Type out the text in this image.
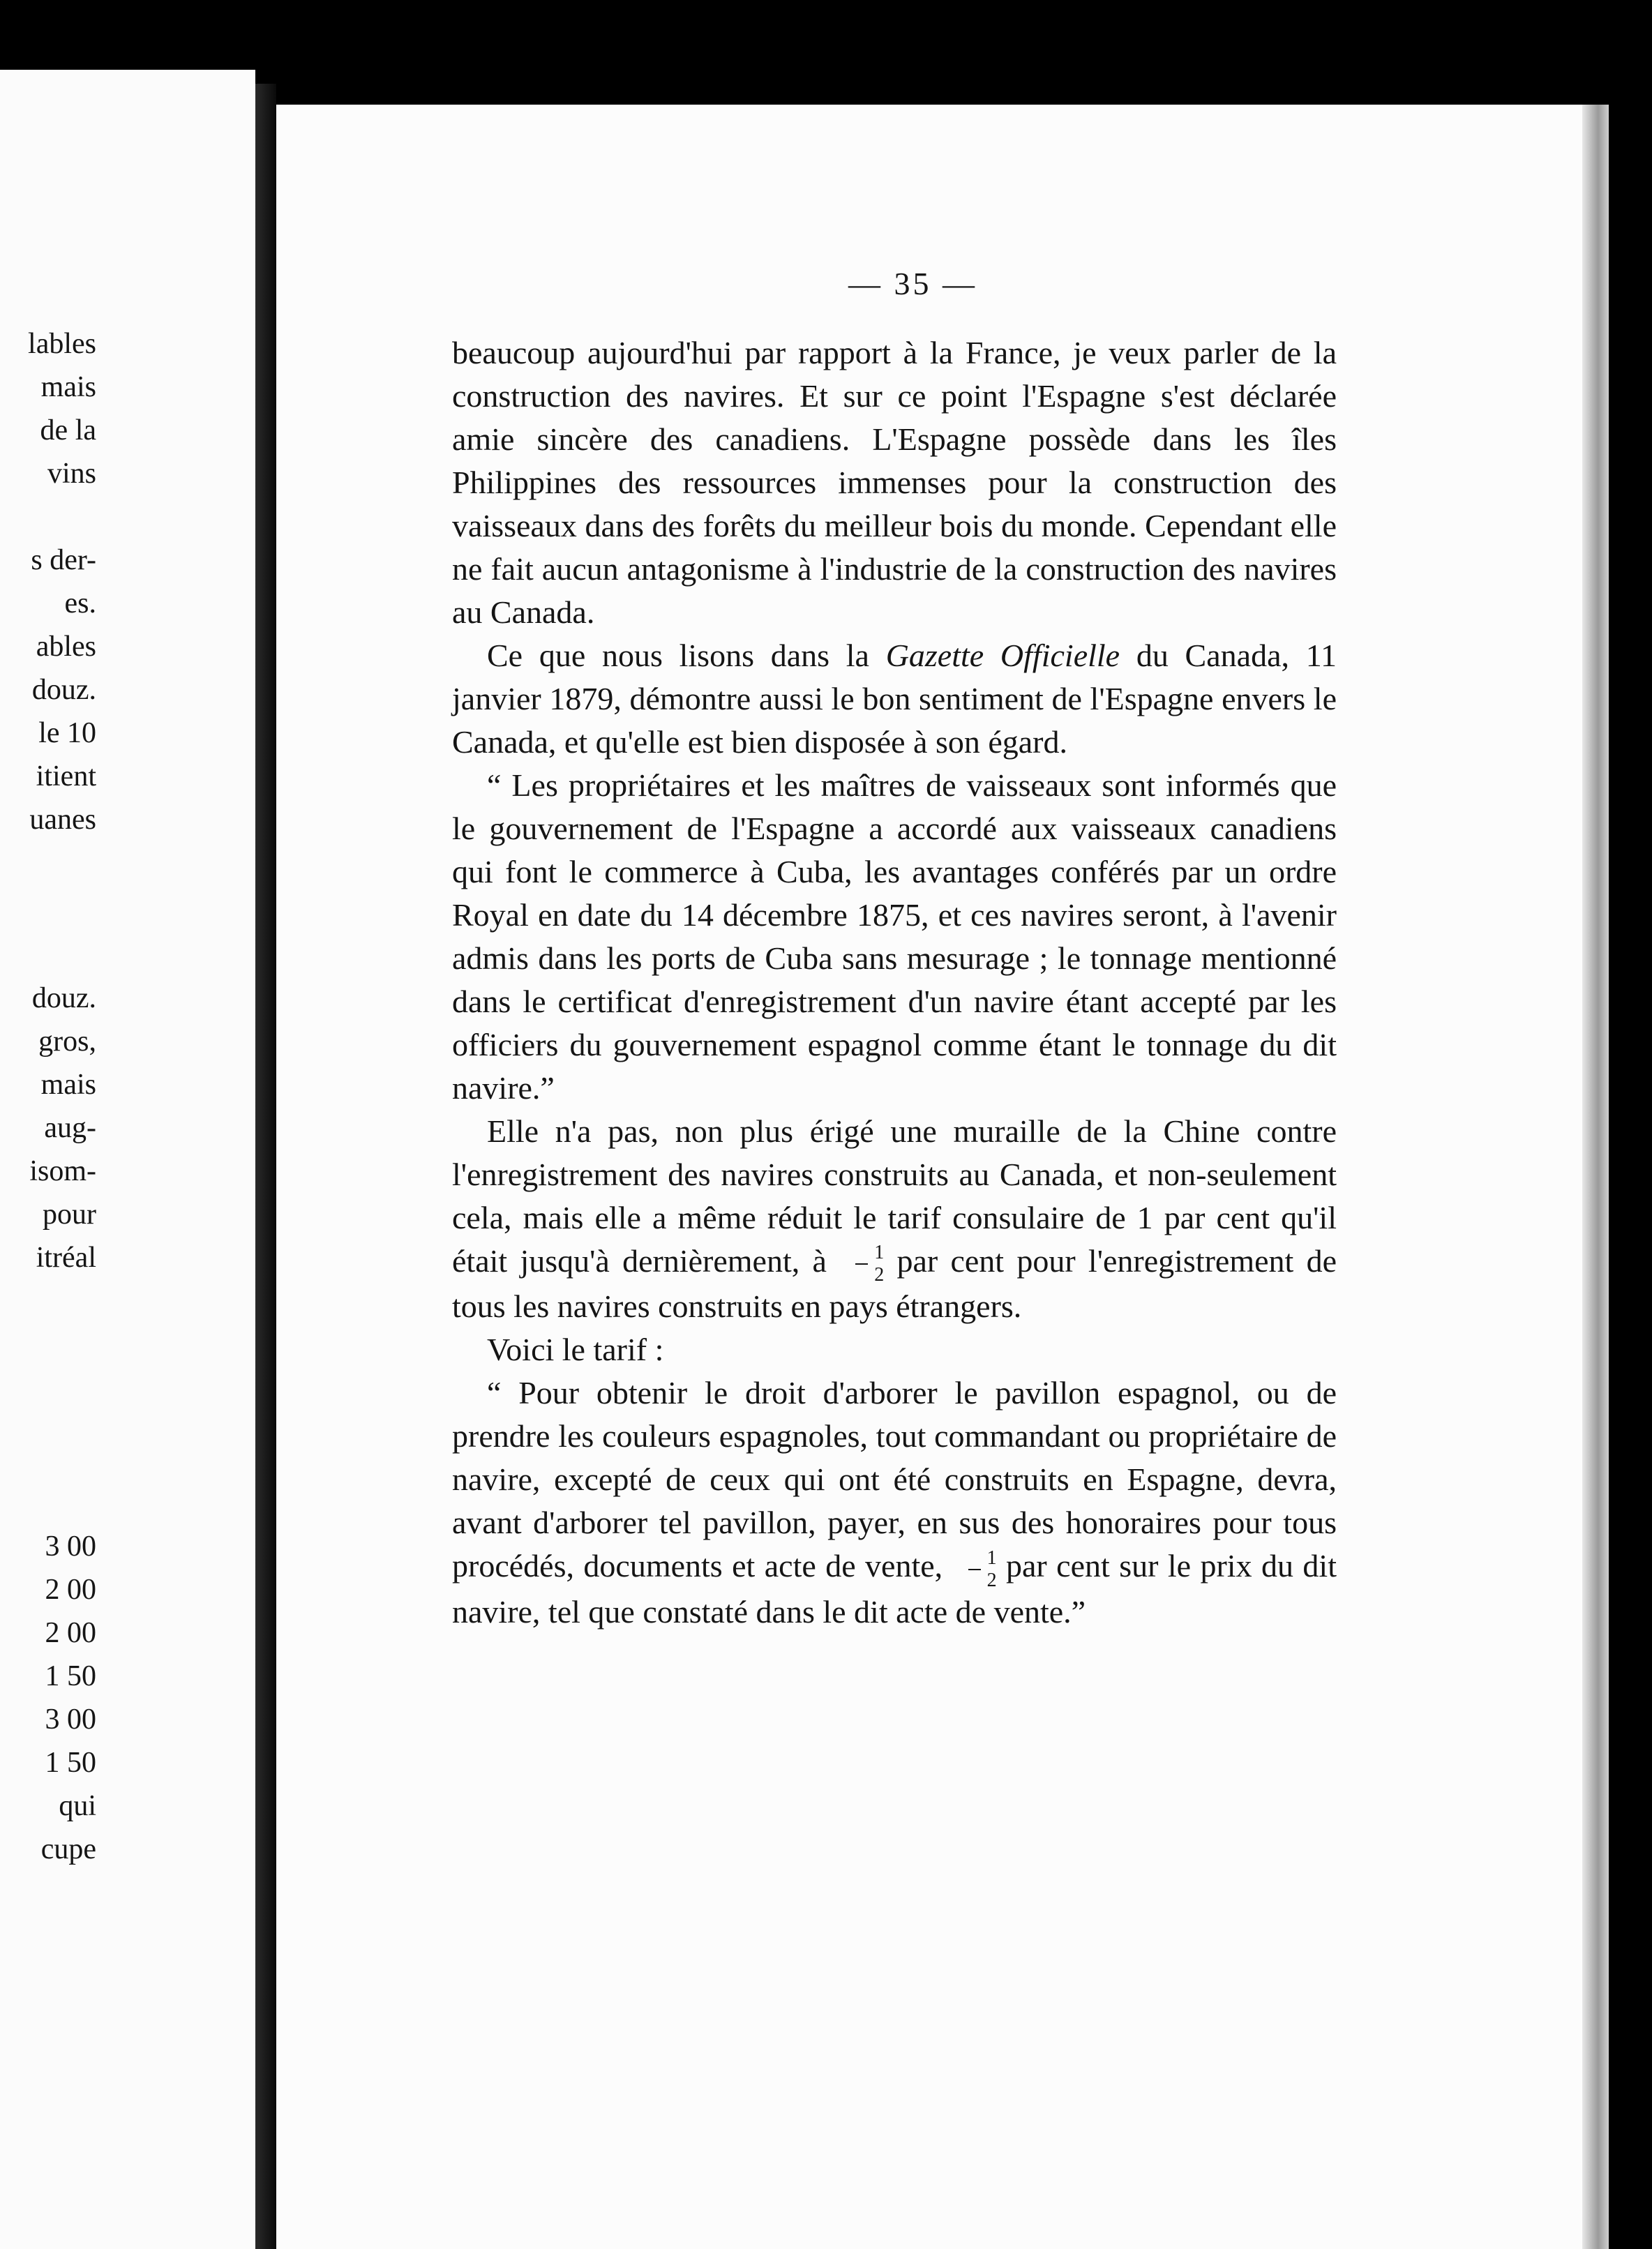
lables
mais
de la
vins
s der-
es.
ables
douz.
le 10
itient
uanes
douz.
gros,
mais
aug-
isom-
pour
itréal
3 00
2 00
2 00
1 50
3 00
1 50
qui
cupe
— 35 —

beaucoup aujourd'hui par rapport à la France, je veux parler de la construction des navires. Et sur ce point l'Espagne s'est déclarée amie sincère des canadiens. L'Espagne possède dans les îles Philippines des ressources immenses pour la construction des vaisseaux dans des forêts du meilleur bois du monde. Cependant elle ne fait aucun antagonisme à l'industrie de la construction des navires au Canada.

Ce que nous lisons dans la Gazette Officielle du Canada, 11 janvier 1879, démontre aussi le bon sentiment de l'Espagne envers le Canada, et qu'elle est bien disposée à son égard.

“ Les propriétaires et les maîtres de vaisseaux sont informés que le gouvernement de l'Espagne a accordé aux vaisseaux canadiens qui font le commerce à Cuba, les avantages conférés par un ordre Royal en date du 14 décembre 1875, et ces navires seront, à l'avenir admis dans les ports de Cuba sans mesurage ; le tonnage mentionné dans le certificat d'enregistrement d'un navire étant accepté par les officiers du gouvernement espagnol comme étant le tonnage du dit navire.”

Elle n'a pas, non plus érigé une muraille de la Chine contre l'enregistrement des navires construits au Canada, et non-seulement cela, mais elle a même réduit le tarif consulaire de 1 par cent qu'il était jusqu'à dernièrement, à $\frac{1}{2}$ par cent pour l'enregistrement de tous les navires construits en pays étrangers.

Voici le tarif :

“ Pour obtenir le droit d'arborer le pavillon espagnol, ou de prendre les couleurs espagnoles, tout commandant ou propriétaire de navire, excepté de ceux qui ont été construits en Espagne, devra, avant d'arborer tel pavillon, payer, en sus des honoraires pour tous procédés, documents et acte de vente, $\frac{1}{2}$ par cent sur le prix du dit navire, tel que constaté dans le dit acte de vente.”
